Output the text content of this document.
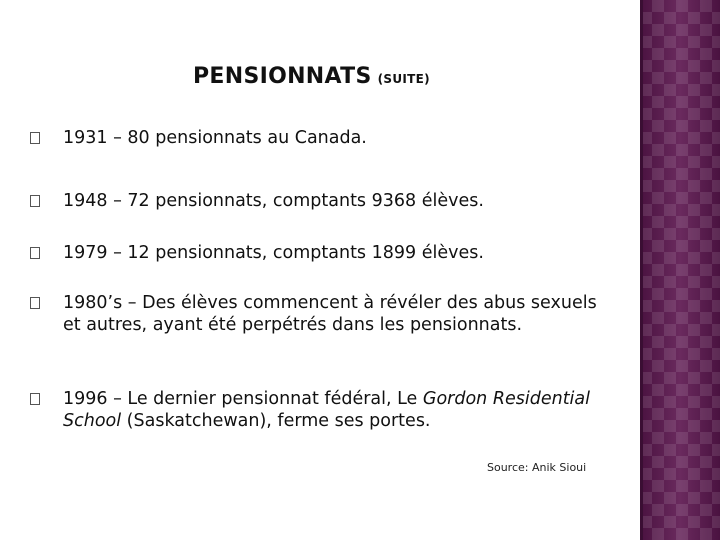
PENSIONNATS (SUITE)
1931 – 80 pensionnats au Canada.
1948 – 72 pensionnats, comptants 9368 élèves.
1979 – 12 pensionnats, comptants 1899 élèves.
1980’s – Des élèves commencent à révéler des abus sexuels et autres, ayant été perpétrés dans les pensionnats.
1996 – Le dernier pensionnat fédéral, Le Gordon Residential School (Saskatchewan), ferme ses portes.
Source: Anik Sioui
